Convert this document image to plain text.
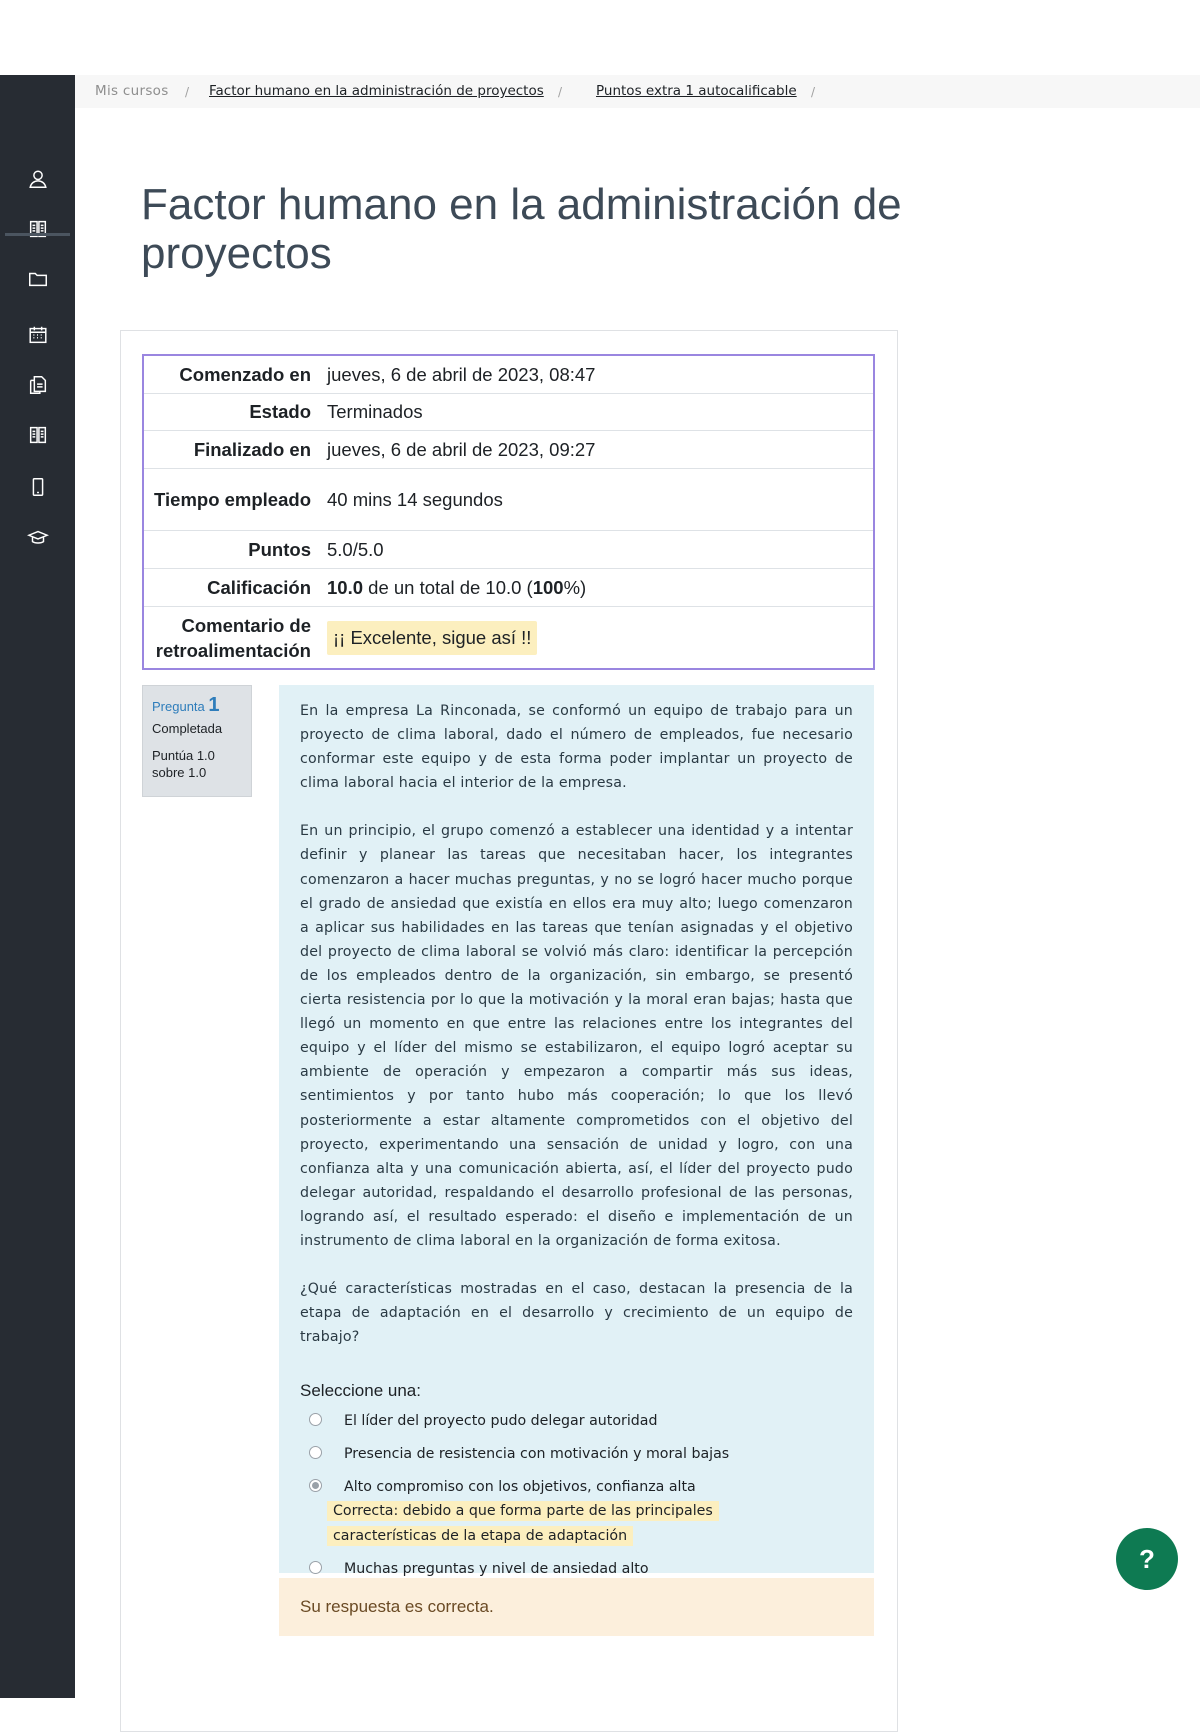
Mis cursos / Factor humano en la administración de proyectos /	Puntos extra 1 autocalificable /
Factor humano en la administración de proyectos
Comenzado en jueves, 6 de abril de 2023, 08:47
Estado Terminados
Finalizado en jueves, 6 de abril de 2023, 09:27
Tiempo empleado 40 mins 14 segundos
Puntos 5.0/5.0
Calificación 10.0 de un total de 10.0 ( 100 %)
Comentario de retroalimentación
¡¡ Excelente, sigue así !!
Pregunta 1
Completada
Puntúa 1.0
sobre 1.0

En la empresa La Rinconada, se conformó un equipo de trabajo para un proyecto de clima laboral, dado el número de empleados, fue necesario conformar este equipo y de esta forma poder implantar un proyecto de clima laboral hacia el interior de la empresa.

En un principio, el grupo comenzó a establecer una identidad y a intentar definir y planear las tareas que necesitaban hacer, los integrantes comenzaron a hacer muchas preguntas, y no se logró hacer mucho porque el grado de ansiedad que existía en ellos era muy alto; luego comenzaron a aplicar sus habilidades en las tareas que tenían asignadas y el objetivo del proyecto de clima laboral se volvió más claro: identificar la percepción de los empleados dentro de la organización, sin embargo, se presentó cierta resistencia por lo que la motivación y la moral eran bajas; hasta que llegó un momento en que entre las relaciones entre los integrantes del equipo y el líder del mismo se estabilizaron, el equipo logró aceptar su ambiente de operación y empezaron a compartir más sus ideas, sentimientos y por tanto hubo más cooperación; lo que los llevó posteriormente a estar altamente comprometidos con el objetivo del proyecto, experimentando una sensación de unidad y logro, con una confianza alta y una comunicación abierta, así, el líder del proyecto pudo delegar autoridad, respaldando el desarrollo profesional de las personas, logrando así, el resultado esperado: el diseño e implementación de un instrumento de clima laboral en la organización de forma exitosa.

¿Qué características mostradas en el caso, destacan la presencia de la etapa de adaptación en el desarrollo y crecimiento de un equipo de trabajo?

Seleccione una:
El líder del proyecto pudo delegar autoridad
Presencia de resistencia con motivación y moral bajas
Alto compromiso con los objetivos, confianza alta
Correcta: debido a que forma parte de las principales características de la etapa de adaptación
Muchas preguntas y nivel de ansiedad alto
Su respuesta es correcta.
?
